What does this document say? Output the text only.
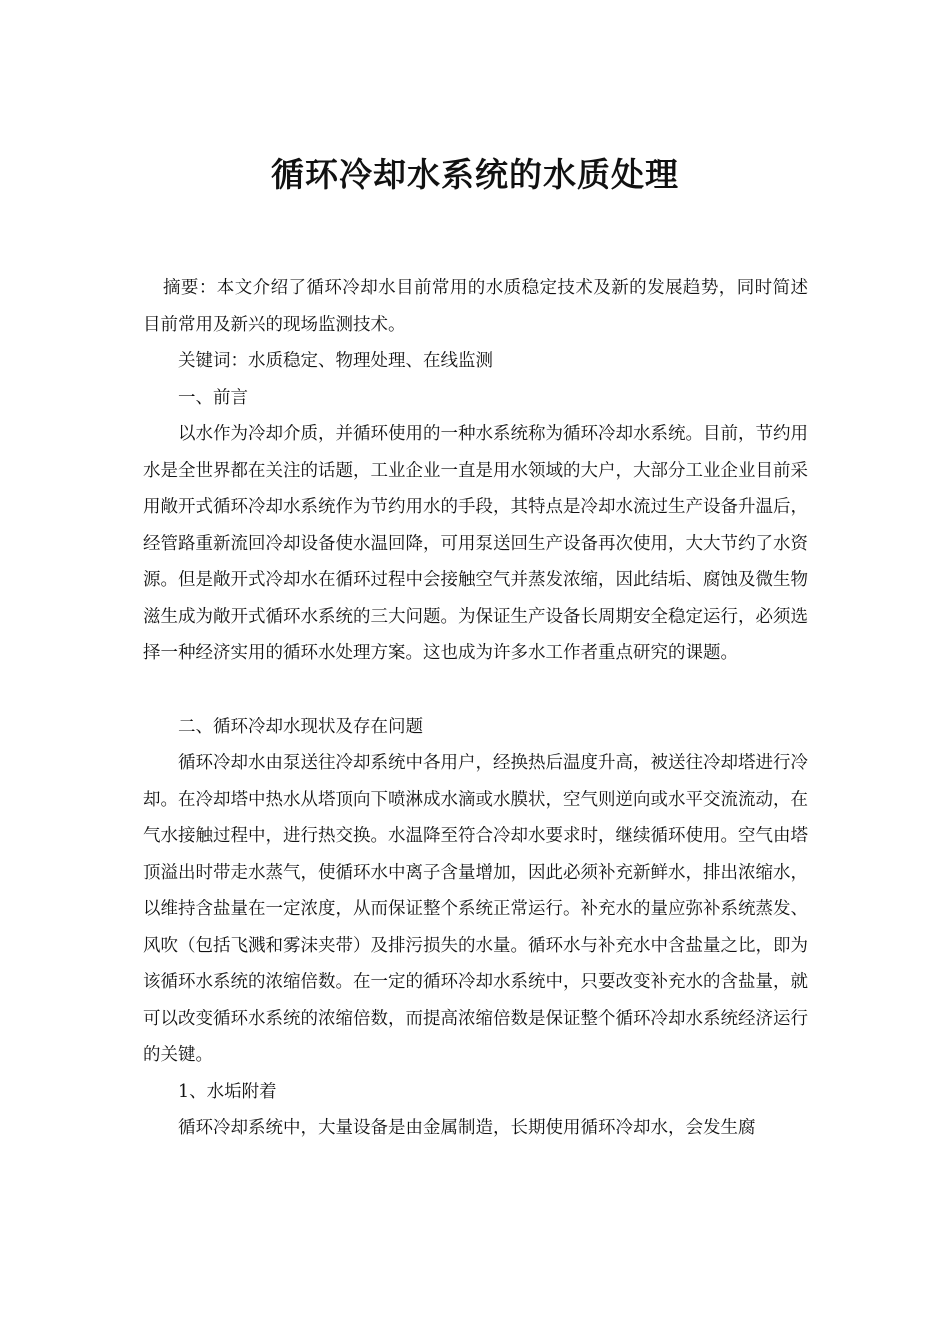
循环冷却水系统的水质处理

摘要：本文介绍了循环冷却水目前常用的水质稳定技术及新的发展趋势，同时简述目前常用及新兴的现场监测技术。

关键词：水质稳定、物理处理、在线监测

一、前言

以水作为冷却介质，并循环使用的一种水系统称为循环冷却水系统。目前，节约用水是全世界都在关注的话题，工业企业一直是用水领域的大户，大部分工业企业目前采用敞开式循环冷却水系统作为节约用水的手段，其特点是冷却水流过生产设备升温后，经管路重新流回冷却设备使水温回降，可用泵送回生产设备再次使用，大大节约了水资源。但是敞开式冷却水在循环过程中会接触空气并蒸发浓缩，因此结垢、腐蚀及微生物滋生成为敞开式循环水系统的三大问题。为保证生产设备长周期安全稳定运行，必须选择一种经济实用的循环水处理方案。这也成为许多水工作者重点研究的课题。

二、循环冷却水现状及存在问题

循环冷却水由泵送往冷却系统中各用户，经换热后温度升高，被送往冷却塔进行冷却。在冷却塔中热水从塔顶向下喷淋成水滴或水膜状，空气则逆向或水平交流流动，在气水接触过程中，进行热交换。水温降至符合冷却水要求时，继续循环使用。空气由塔顶溢出时带走水蒸气，使循环水中离子含量增加，因此必须补充新鲜水，排出浓缩水，以维持含盐量在一定浓度，从而保证整个系统正常运行。补充水的量应弥补系统蒸发、风吹（包括飞溅和雾沫夹带）及排污损失的水量。循环水与补充水中含盐量之比，即为该循环水系统的浓缩倍数。在一定的循环冷却水系统中，只要改变补充水的含盐量，就可以改变循环水系统的浓缩倍数，而提高浓缩倍数是保证整个循环冷却水系统经济运行的关键。

1、水垢附着

循环冷却系统中，大量设备是由金属制造，长期使用循环冷却水，会发生腐
